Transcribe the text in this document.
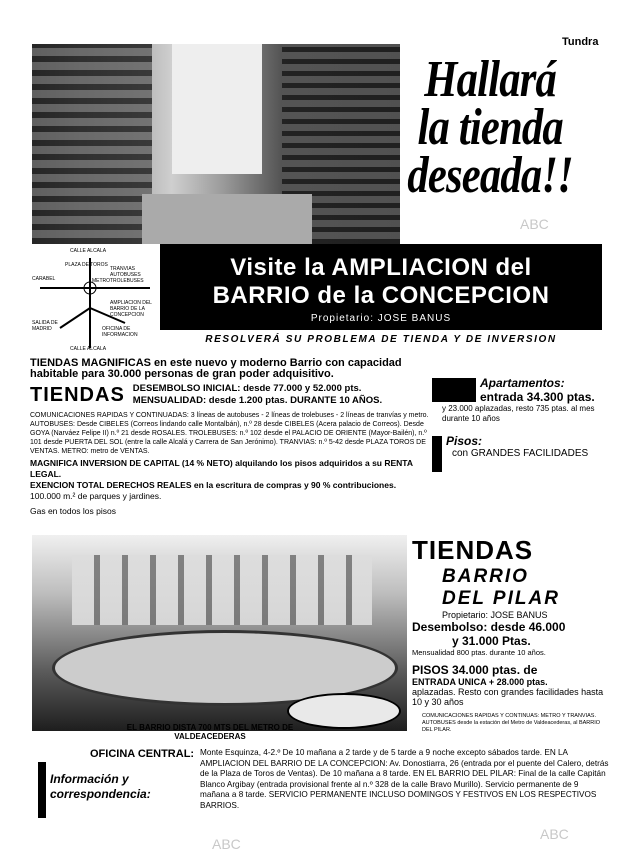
Tundra
Hallará
la tienda
deseada!!
CALLE ALCALA
PLAZA DE TOROS
TRANVIAS AUTOBUSES TROLEBUSES
METRO
CARABEL
SALIDA DE MADRID
AMPLIACION DEL BARRIO DE LA CONCEPCION
OFICINA DE INFORMACION
CALLE ALCALA
Visite la AMPLIACION del
BARRIO de la CONCEPCION
Propietario: JOSE BANUS
RESOLVERÁ SU PROBLEMA DE TIENDA Y DE INVERSION
TIENDAS MAGNIFICAS en este nuevo y moderno Barrio con capacidad habitable para 30.000 personas de gran poder adquisitivo.
TIENDAS DESEMBOLSO INICIAL: desde 77.000 y 52.000 pts.
MENSUALIDAD: desde 1.200 ptas. DURANTE 10 AÑOS.
COMUNICACIONES RAPIDAS Y CONTINUADAS: 3 líneas de autobuses - 2 líneas de trolebuses - 2 líneas de tranvías y metro. AUTOBUSES: Desde CIBELES (Correos lindando calle Montalbán), n.º 28 desde CIBELES (Acera palacio de Correos). Desde GOYA (Narváez Felipe II) n.º 21 desde ROSALES. TROLEBUSES: n.º 102 desde el PALACIO DE ORIENTE (Mayor-Bailén), n.º 101 desde PUERTA DEL SOL (entre la calle Alcalá y Carrera de San Jerónimo). TRANVIAS: n.º 5-42 desde PLAZA TOROS DE VENTAS. METRO: metro de VENTAS.
MAGNIFICA INVERSION DE CAPITAL (14 % NETO) alquilando los pisos adquiridos a su RENTA LEGAL.
EXENCION TOTAL DERECHOS REALES en la escritura de compras y 90 % contribuciones.
100.000 m.² de parques y jardines.
Gas en todos los pisos
Apartamentos:
entrada 34.300 ptas.
y 23.000 aplazadas, resto 735 ptas. al mes durante 10 años
Pisos:
con GRANDES FACILIDADES
EL BARRIO DISTA 700 MTS DEL METRO DE VALDEACEDERAS
TIENDAS
BARRIO
DEL PILAR
Propietario: JOSE BANUS
Desembolso: desde 46.000
y 31.000 Ptas.
Mensualidad 800 ptas. durante 10 años.
PISOS 34.000 ptas. de
ENTRADA UNICA + 28.000 ptas.
aplazadas. Resto con grandes facilidades hasta 10 y 30 años
COMUNICACIONES RAPIDAS Y CONTINUAS: METRO Y TRANVIAS. AUTOBUSES desde la estación del Metro de Valdeacederas, al BARRIO DEL PILAR.
OFICINA CENTRAL:
Información y correspondencia:
Monte Esquinza, 4-2.º De 10 mañana a 2 tarde y de 5 tarde a 9 noche excepto sábados tarde. EN LA AMPLIACION DEL BARRIO DE LA CONCEPCION: Av. Donostiarra, 26 (entrada por el puente del Calero, detrás de la Plaza de Toros de Ventas). De 10 mañana a 8 tarde. EN EL BARRIO DEL PILAR: Final de la calle Capitán Blanco Argibay (entrada provisional frente al n.º 328 de la calle Bravo Murillo). Servicio permanente de 9 mañana a 8 tarde. SERVICIO PERMANENTE INCLUSO DOMINGOS Y FESTIVOS EN LOS RESPECTIVOS BARRIOS.
ABC
ABC
ABC
